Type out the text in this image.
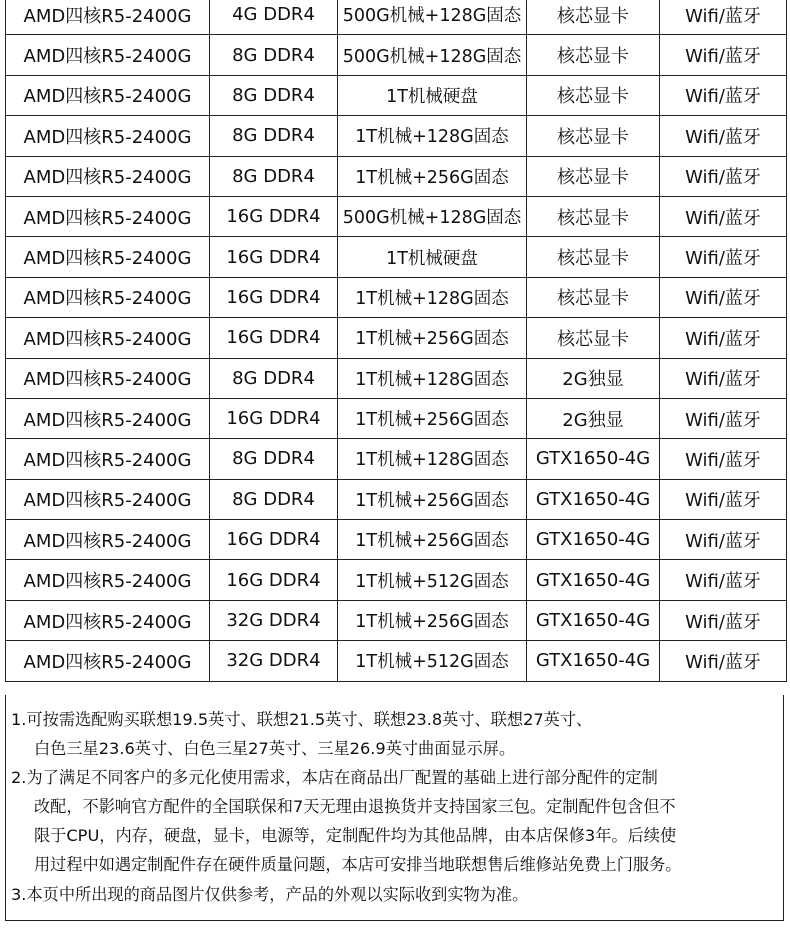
AMD四核R5-2400G	4G DDR4	500G机械+128G固态	核芯显卡	Wifi/蓝牙
AMD四核R5-2400G	8G DDR4	500G机械+128G固态	核芯显卡	Wifi/蓝牙
AMD四核R5-2400G	8G DDR4	1T机械硬盘	核芯显卡	Wifi/蓝牙
AMD四核R5-2400G	8G DDR4	1T机械+128G固态	核芯显卡	Wifi/蓝牙
AMD四核R5-2400G	8G DDR4	1T机械+256G固态	核芯显卡	Wifi/蓝牙
AMD四核R5-2400G	16G DDR4	500G机械+128G固态	核芯显卡	Wifi/蓝牙
AMD四核R5-2400G	16G DDR4	1T机械硬盘	核芯显卡	Wifi/蓝牙
AMD四核R5-2400G	16G DDR4	1T机械+128G固态	核芯显卡	Wifi/蓝牙
AMD四核R5-2400G	16G DDR4	1T机械+256G固态	核芯显卡	Wifi/蓝牙
AMD四核R5-2400G	8G DDR4	1T机械+128G固态	2G独显	Wifi/蓝牙
AMD四核R5-2400G	16G DDR4	1T机械+256G固态	2G独显	Wifi/蓝牙
AMD四核R5-2400G	8G DDR4	1T机械+128G固态	GTX1650-4G	Wifi/蓝牙
AMD四核R5-2400G	8G DDR4	1T机械+256G固态	GTX1650-4G	Wifi/蓝牙
AMD四核R5-2400G	16G DDR4	1T机械+256G固态	GTX1650-4G	Wifi/蓝牙
AMD四核R5-2400G	16G DDR4	1T机械+512G固态	GTX1650-4G	Wifi/蓝牙
AMD四核R5-2400G	32G DDR4	1T机械+256G固态	GTX1650-4G	Wifi/蓝牙
AMD四核R5-2400G	32G DDR4	1T机械+512G固态	GTX1650-4G	Wifi/蓝牙

1.可按需选配购买联想19.5英寸、联想21.5英寸、联想23.8英寸、联想27英寸、

白色三星23.6英寸、白色三星27英寸、三星26.9英寸曲面显示屏。

2.为了满足不同客户的多元化使用需求，本店在商品出厂配置的基础上进行部分配件的定制

改配，不影响官方配件的全国联保和7天无理由退换货并支持国家三包。定制配件包含但不

限于CPU，内存，硬盘，显卡，电源等，定制配件均为其他品牌，由本店保修3年。后续使

用过程中如遇定制配件存在硬件质量问题，本店可安排当地联想售后维修站免费上门服务。

3.本页中所出现的商品图片仅供参考，产品的外观以实际收到实物为准。
